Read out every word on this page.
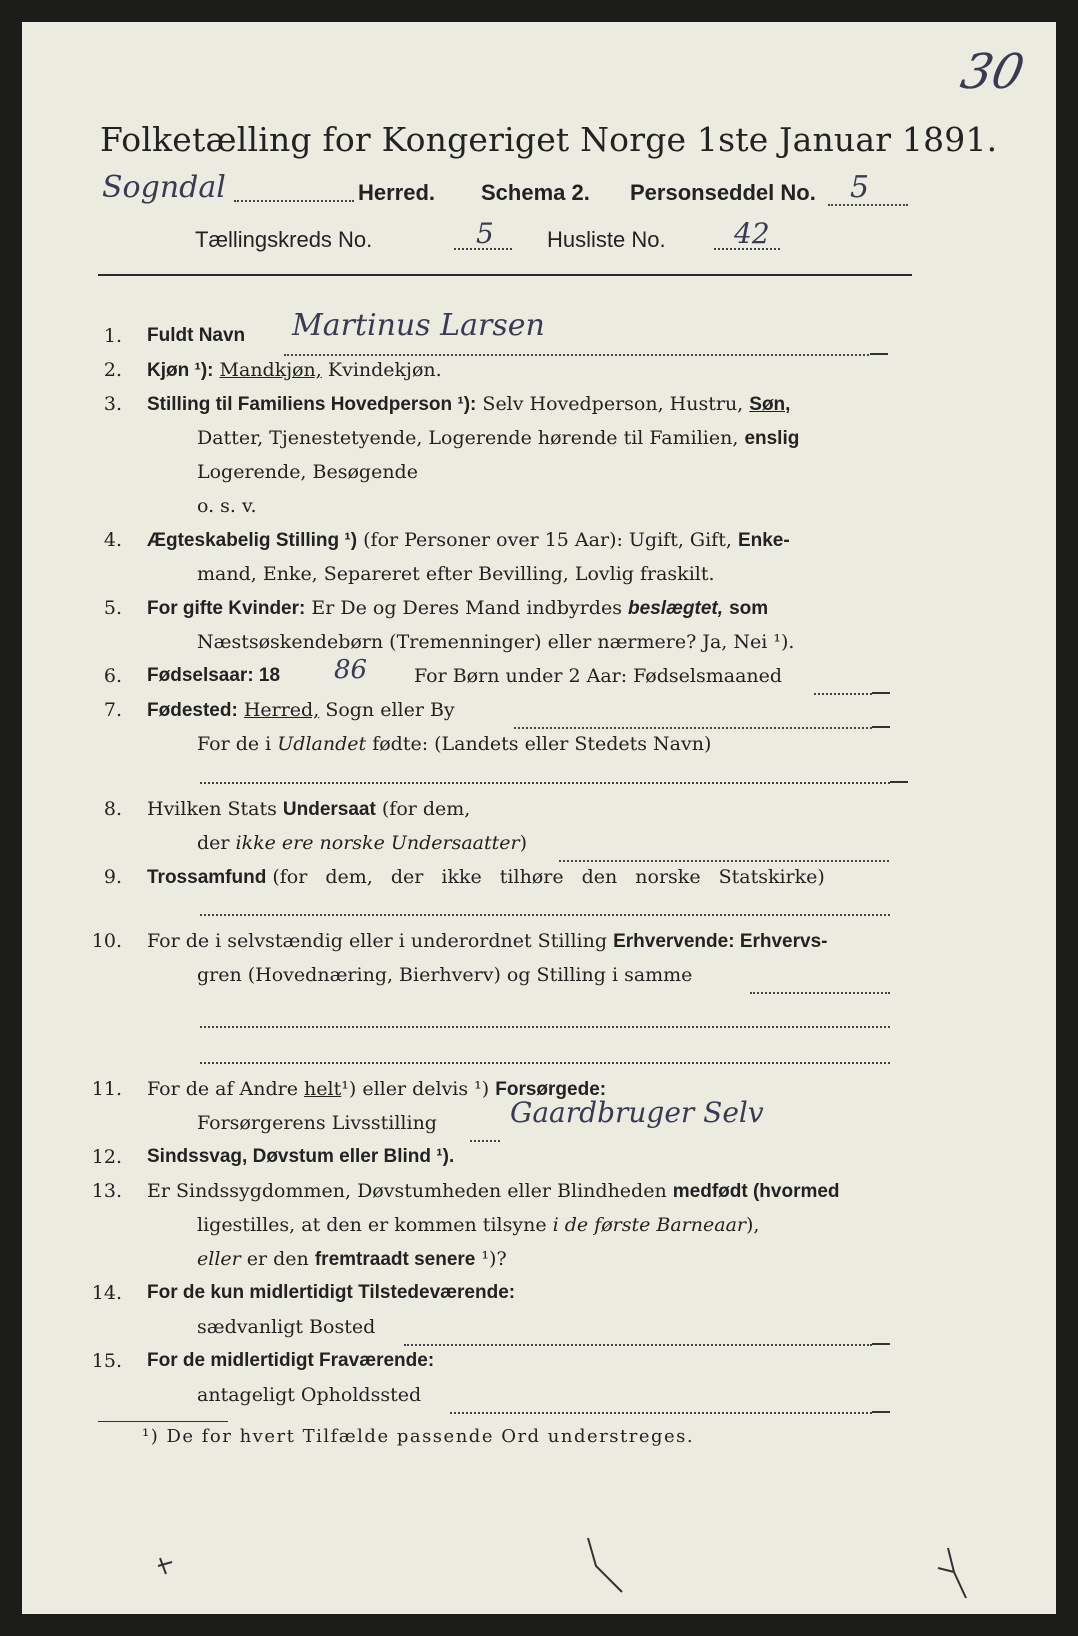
30
Folketælling for Kongeriget Norge 1ste Januar 1891.
Sogndal	Herred. Schema 2. Personseddel No. 5
Tællingskreds No.	5 Husliste No. 42
1. Fuldt Navn Martinus Larsen
2. Kjøn ¹): Mandkjøn, Kvindekjøn.
3. Stilling til Familiens Hovedperson ¹): Selv Hovedperson, Hustru, Søn,
Datter, Tjenestetyende, Logerende hørende til Familien, enslig
Logerende, Besøgende
o. s. v.
4. Ægteskabelig Stilling ¹) (for Personer over 15 Aar): Ugift, Gift, Enke-
mand, Enke, Separeret efter Bevilling, Lovlig fraskilt.
5. For gifte Kvinder: Er De og Deres Mand indbyrdes beslægtet, som
Næstsøskendebørn (Tremenninger) eller nærmere? Ja, Nei ¹).
6. Fødselsaar: 18 86 For Børn under 2 Aar: Fødselsmaaned
7. Fødested: Herred, Sogn eller By
For de i Udlandet fødte: (Landets eller Stedets Navn)
8. Hvilken Stats Undersaat (for dem,
der ikke ere norske Undersaatter)
9. Trossamfund (for dem, der ikke tilhøre den norske Statskirke)
10. For de i selvstændig eller i underordnet Stilling Erhvervende: Erhvervs-
gren (Hovednæring, Bierhverv) og Stilling i samme
11. For de af Andre helt¹) eller delvis ¹) Forsørgede:
Forsørgerens Livsstilling	Gaardbruger Selv
12. Sindssvag, Døvstum eller Blind ¹).
13. Er Sindssygdommen, Døvstumheden eller Blindheden medfødt (hvormed
ligestilles, at den er kommen tilsyne i de første Barneaar),
eller er den fremtraadt senere ¹)?
14. For de kun midlertidigt Tilstedeværende:
sædvanligt Bosted
15. For de midlertidigt Fraværende:
antageligt Opholdssted
¹) De for hvert Tilfælde passende Ord understreges.
